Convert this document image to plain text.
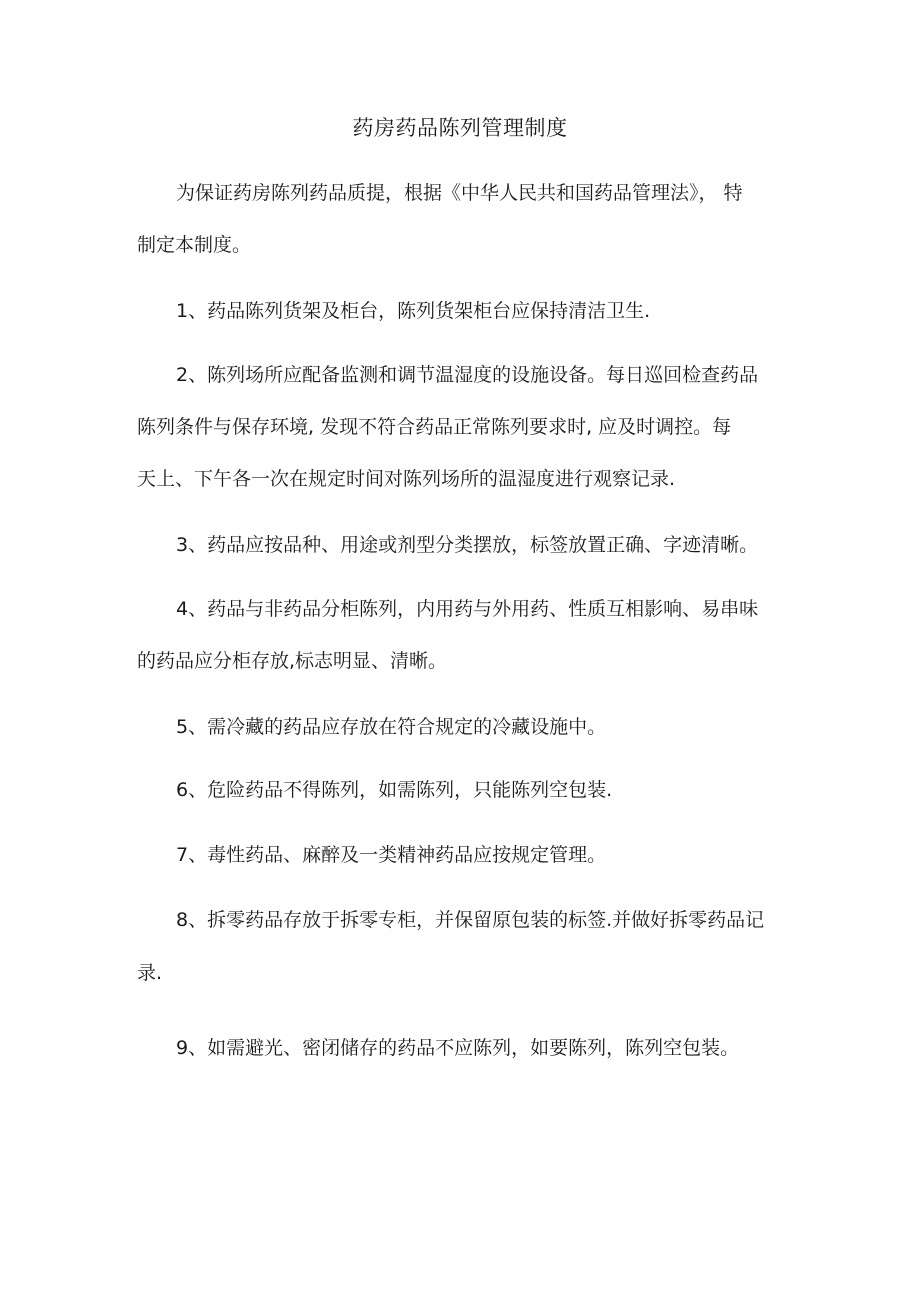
药房药品陈列管理制度
为保证药房陈列药品质提，根据《中华人民共和国药品管理法》， 特
制定本制度。
1、药品陈列货架及柜台，陈列货架柜台应保持清洁卫生.
2、陈列场所应配备监测和调节温湿度的设施设备。每日巡回检查药品
陈列条件与保存环境, 发现不符合药品正常陈列要求时, 应及时调控。每
天上、下午各一次在规定时间对陈列场所的温湿度进行观察记录.
3、药品应按品种、用途或剂型分类摆放，标签放置正确、字迹清晰。
4、药品与非药品分柜陈列，内用药与外用药、性质互相影响、易串味
的药品应分柜存放,标志明显、清晰。
5、需冷藏的药品应存放在符合规定的冷藏设施中。
6、危险药品不得陈列，如需陈列，只能陈列空包装.
7、毒性药品、麻醉及一类精神药品应按规定管理。
8、拆零药品存放于拆零专柜，并保留原包装的标签.并做好拆零药品记
录.
9、如需避光、密闭储存的药品不应陈列，如要陈列，陈列空包装。
